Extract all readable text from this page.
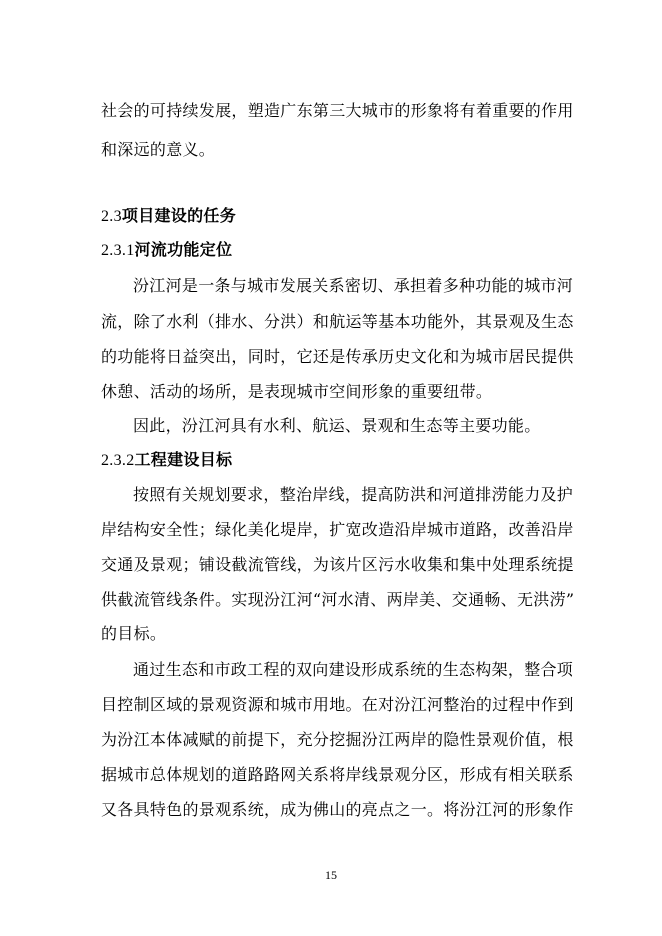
社会的可持续发展，塑造广东第三大城市的形象将有着重要的作用
和深远的意义。
2.3项目建设的任务
2.3.1河流功能定位
汾江河是一条与城市发展关系密切、承担着多种功能的城市河
流，除了水利（排水、分洪）和航运等基本功能外，其景观及生态
的功能将日益突出，同时，它还是传承历史文化和为城市居民提供
休憩、活动的场所，是表现城市空间形象的重要纽带。
因此，汾江河具有水利、航运、景观和生态等主要功能。
2.3.2工程建设目标
按照有关规划要求，整治岸线，提高防洪和河道排涝能力及护
岸结构安全性；绿化美化堤岸，扩宽改造沿岸城市道路，改善沿岸
交通及景观；铺设截流管线，为该片区污水收集和集中处理系统提
供截流管线条件。实现汾江河“河水清、两岸美、交通畅、无洪涝”
的目标。
通过生态和市政工程的双向建设形成系统的生态构架，整合项
目控制区域的景观资源和城市用地。在对汾江河整治的过程中作到
为汾江本体减赋的前提下，充分挖掘汾江两岸的隐性景观价值，根
据城市总体规划的道路路网关系将岸线景观分区，形成有相关联系
又各具特色的景观系统，成为佛山的亮点之一。将汾江河的形象作
15
